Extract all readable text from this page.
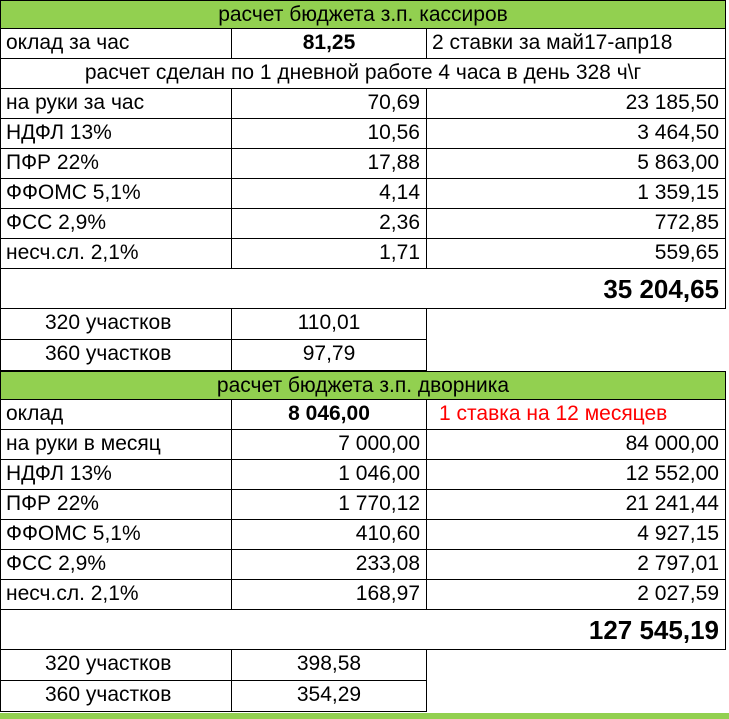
расчет бюджета з.п. кассиров
оклад за час	81,25	2 ставки за май17-апр18
расчет сделан по 1 дневной работе 4 часа в день 328 ч\г
на руки за час	70,69	23 185,50
НДФЛ 13%	10,56	3 464,50
ПФР 22%	17,88	5 863,00
ФФОМС 5,1%	4,14	1 359,15
ФСС 2,9%	2,36	772,85
несч.сл. 2,1%	1,71	559,65
35 204,65
320 участков	110,01
360 участков	97,79
расчет бюджета з.п. дворника
оклад	8 046,00	1 ставка на 12 месяцев
на руки в месяц	7 000,00	84 000,00
НДФЛ 13%	1 046,00	12 552,00
ПФР 22%	1 770,12	21 241,44
ФФОМС 5,1%	410,60	4 927,15
ФСС 2,9%	233,08	2 797,01
несч.сл. 2,1%	168,97	2 027,59
127 545,19
320 участков	398,58
360 участков	354,29
